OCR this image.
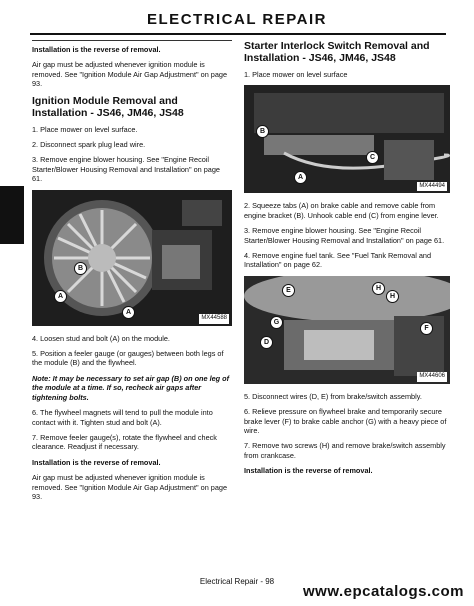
ELECTRICAL REPAIR

Installation is the reverse of removal.

Air gap must be adjusted whenever ignition module is removed. See "Ignition Module Air Gap Adjustment" on page 93.

Ignition Module Removal and Installation - JS46, JM46, JS48

1. Place mower on level surface.

2. Disconnect spark plug lead wire.

3. Remove engine blower housing. See "Engine Recoil Starter/Blower Housing Removal and Installation" on page 61.

B
A
A
MX44588

4. Loosen stud and bolt (A) on the module.

5. Position a feeler gauge (or gauges) between both legs of the module (B) and the flywheel.

Note: It may be necessary to set air gap (B) on one leg of the module at a time. If so, recheck air gaps after tightening bolts.

6. The flywheel magnets will tend to pull the module into contact with it. Tighten stud and bolt (A).

7. Remove feeler gauge(s), rotate the flywheel and check clearance. Readjust if necessary.

Installation is the reverse of removal.

Air gap must be adjusted whenever ignition module is removed. See "Ignition Module Air Gap Adjustment" on page 93.

Starter Interlock Switch Removal and Installation - JS46, JM46, JS48

1. Place mower on level surface

B
A
C
MX44494

2. Squeeze tabs (A) on brake cable and remove cable from engine bracket (B). Unhook cable end (C) from engine lever.

3. Remove engine blower housing. See "Engine Recoil Starter/Blower Housing Removal and Installation" on page 61.

4. Remove engine fuel tank. See "Fuel Tank Removal and Installation" on page 62.

E	H
H
G
D
F
MX44606

5. Disconnect wires (D, E) from brake/switch assembly.

6. Relieve pressure on flywheel brake and temporarily secure brake lever (F) to brake cable anchor (G) with a heavy piece of wire.

7. Remove two screws (H) and remove brake/switch assembly from crankcase.

Installation is the reverse of removal.

Electrical Repair - 98
www.epcatalogs.com
